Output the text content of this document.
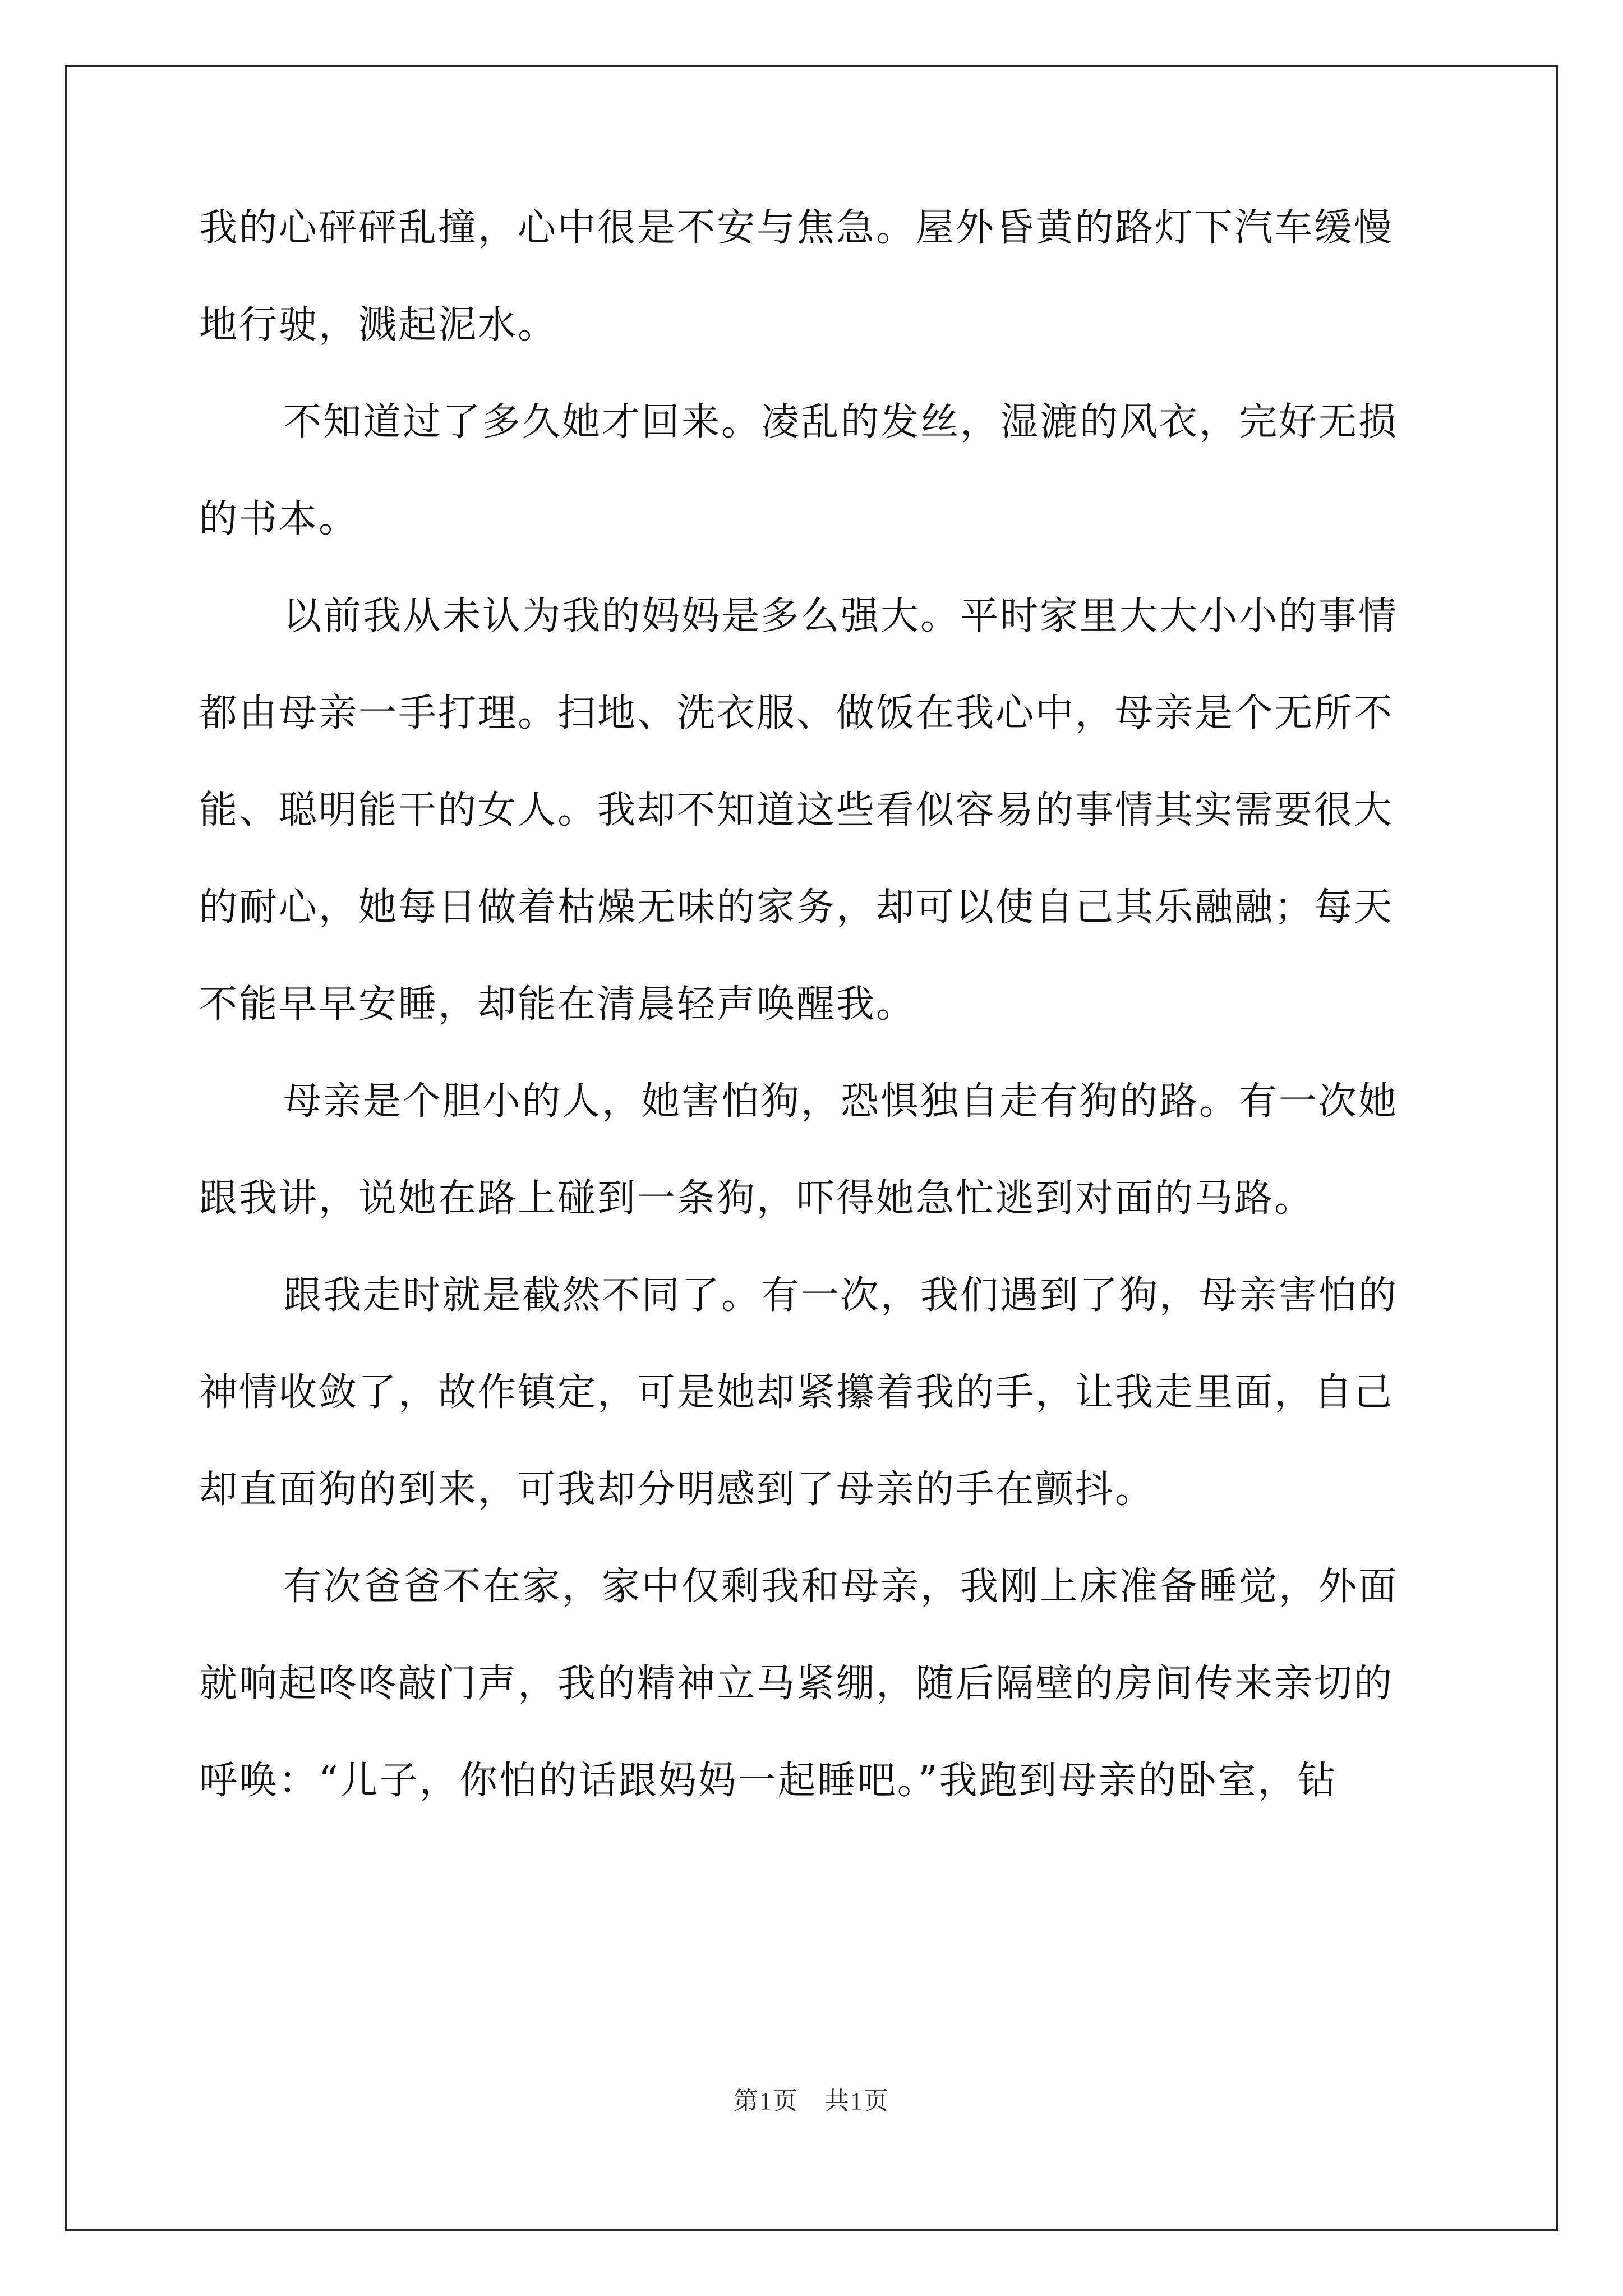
我的心砰砰乱撞，心中很是不安与焦急。屋外昏黄的路灯下汽车缓慢
地行驶，溅起泥水。
不知道过了多久她才回来。凌乱的发丝，湿漉的风衣，完好无损
的书本。
以前我从未认为我的妈妈是多么强大。平时家里大大小小的事情
都由母亲一手打理。扫地、洗衣服、做饭在我心中，母亲是个无所不
能、聪明能干的女人。我却不知道这些看似容易的事情其实需要很大
的耐心，她每日做着枯燥无味的家务，却可以使自己其乐融融；每天
不能早早安睡，却能在清晨轻声唤醒我。
母亲是个胆小的人，她害怕狗，恐惧独自走有狗的路。有一次她
跟我讲，说她在路上碰到一条狗，吓得她急忙逃到对面的马路。
跟我走时就是截然不同了。有一次，我们遇到了狗，母亲害怕的
神情收敛了，故作镇定，可是她却紧攥着我的手，让我走里面，自己
却直面狗的到来，可我却分明感到了母亲的手在颤抖。
有次爸爸不在家，家中仅剩我和母亲，我刚上床准备睡觉，外面
就响起咚咚敲门声，我的精神立马紧绷，随后隔壁的房间传来亲切的
呼唤：“儿子，你怕的话跟妈妈一起睡吧。”我跑到母亲的卧室，钻
第1页　共1页
